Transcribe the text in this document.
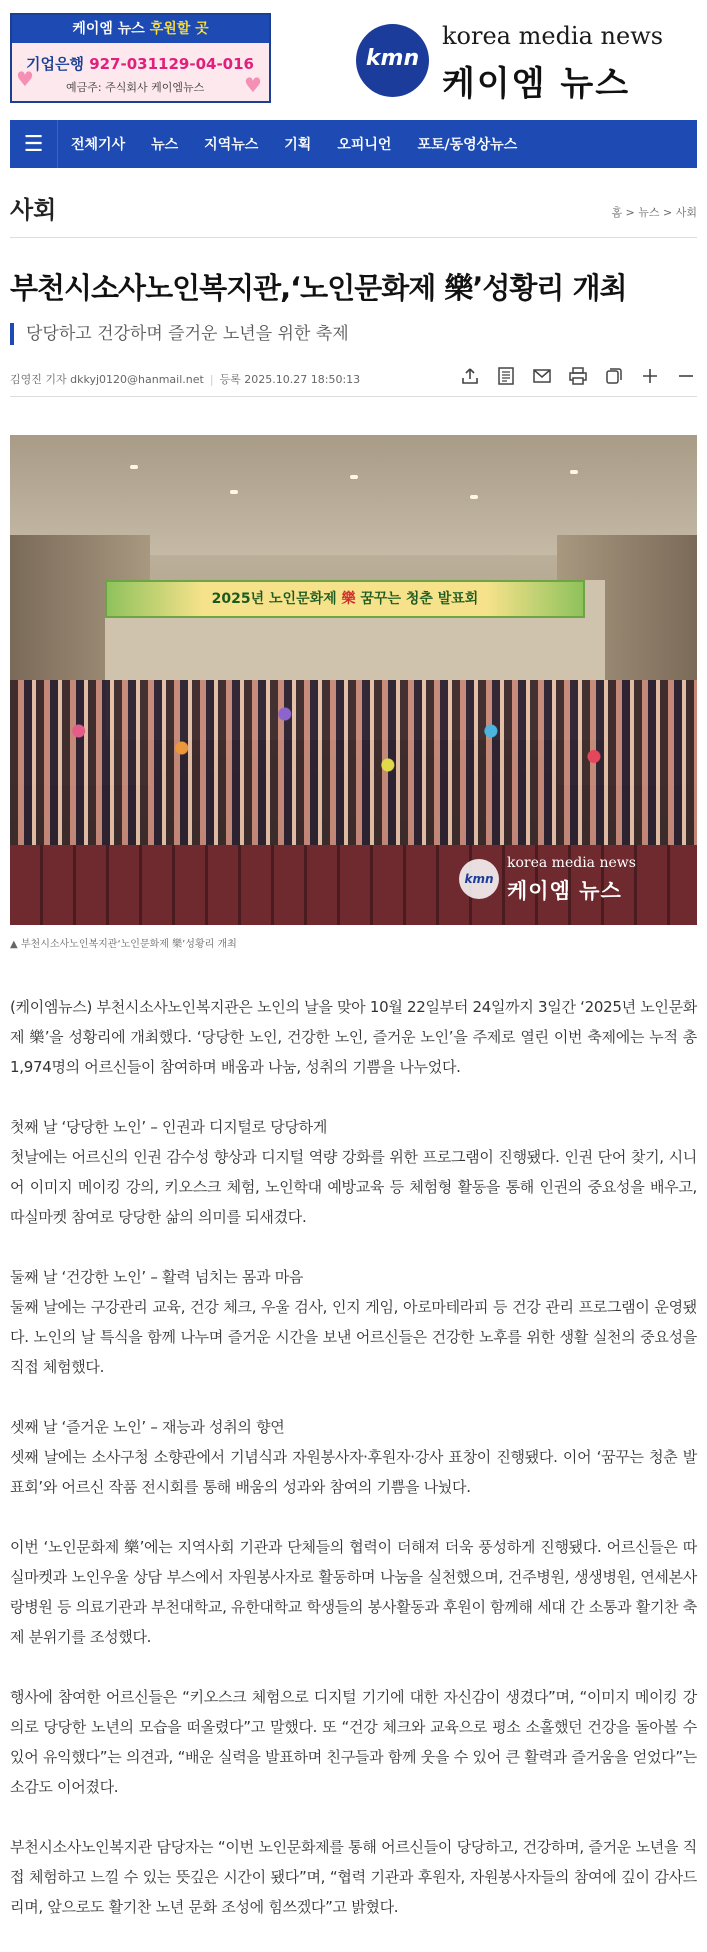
케이엠 뉴스 후원할 곳
기업은행 927-031129-04-016
예금주: 주식회사 케이엠뉴스
♥	♥
kmn
korea media news
케이엠 뉴스
☰	전체기사	뉴스	지역뉴스	기획	오피니언	포토/동영상뉴스
사회	홈 > 뉴스 > 사회
부천시소사노인복지관,‘노인문화제 樂’성황리 개최
당당하고 건강하며 즐거운 노년을 위한 축제
김영진 기자 dkkyj0120@hanmail.net | 등록 2025.10.27 18:50:13
2025년 노인문화제 樂 꿈꾸는 청춘 발표회
kmn
korea media news
케이엠 뉴스
▲ 부천시소사노인복지관‘노인문화제 樂’성황리 개최

(케이엠뉴스) 부천시소사노인복지관은 노인의 날을 맞아 10월 22일부터 24일까지 3일간 ‘2025년 노인문화제 樂’을 성황리에 개최했다. ‘당당한 노인, 건강한 노인, 즐거운 노인’을 주제로 열린 이번 축제에는 누적 총 1,974명의 어르신들이 참여하며 배움과 나눔, 성취의 기쁨을 나누었다.

첫째 날 ‘당당한 노인’ – 인권과 디지털로 당당하게
첫날에는 어르신의 인권 감수성 향상과 디지털 역량 강화를 위한 프로그램이 진행됐다. 인권 단어 찾기, 시니어 이미지 메이킹 강의, 키오스크 체험, 노인학대 예방교육 등 체험형 활동을 통해 인권의 중요성을 배우고, 따실마켓 참여로 당당한 삶의 의미를 되새겼다.

둘째 날 ‘건강한 노인’ – 활력 넘치는 몸과 마음
둘째 날에는 구강관리 교육, 건강 체크, 우울 검사, 인지 게임, 아로마테라피 등 건강 관리 프로그램이 운영됐다. 노인의 날 특식을 함께 나누며 즐거운 시간을 보낸 어르신들은 건강한 노후를 위한 생활 실천의 중요성을 직접 체험했다.

셋째 날 ‘즐거운 노인’ – 재능과 성취의 향연
셋째 날에는 소사구청 소향관에서 기념식과 자원봉사자·후원자·강사 표창이 진행됐다. 이어 ‘꿈꾸는 청춘 발표회’와 어르신 작품 전시회를 통해 배움의 성과와 참여의 기쁨을 나눴다.

이번 ‘노인문화제 樂’에는 지역사회 기관과 단체들의 협력이 더해져 더욱 풍성하게 진행됐다. 어르신들은 따실마켓과 노인우울 상담 부스에서 자원봉사자로 활동하며 나눔을 실천했으며, 건주병원, 생생병원, 연세본사랑병원 등 의료기관과 부천대학교, 유한대학교 학생들의 봉사활동과 후원이 함께해 세대 간 소통과 활기찬 축제 분위기를 조성했다.

행사에 참여한 어르신들은 “키오스크 체험으로 디지털 기기에 대한 자신감이 생겼다”며, “이미지 메이킹 강의로 당당한 노년의 모습을 떠올렸다”고 말했다. 또 “건강 체크와 교육으로 평소 소홀했던 건강을 돌아볼 수 있어 유익했다”는 의견과, “배운 실력을 발표하며 친구들과 함께 웃을 수 있어 큰 활력과 즐거움을 얻었다”는 소감도 이어졌다.

부천시소사노인복지관 담당자는 “이번 노인문화제를 통해 어르신들이 당당하고, 건강하며, 즐거운 노년을 직접 체험하고 느낄 수 있는 뜻깊은 시간이 됐다”며, “협력 기관과 후원자, 자원봉사자들의 참여에 깊이 감사드리며, 앞으로도 활기찬 노년 문화 조성에 힘쓰겠다”고 밝혔다.
